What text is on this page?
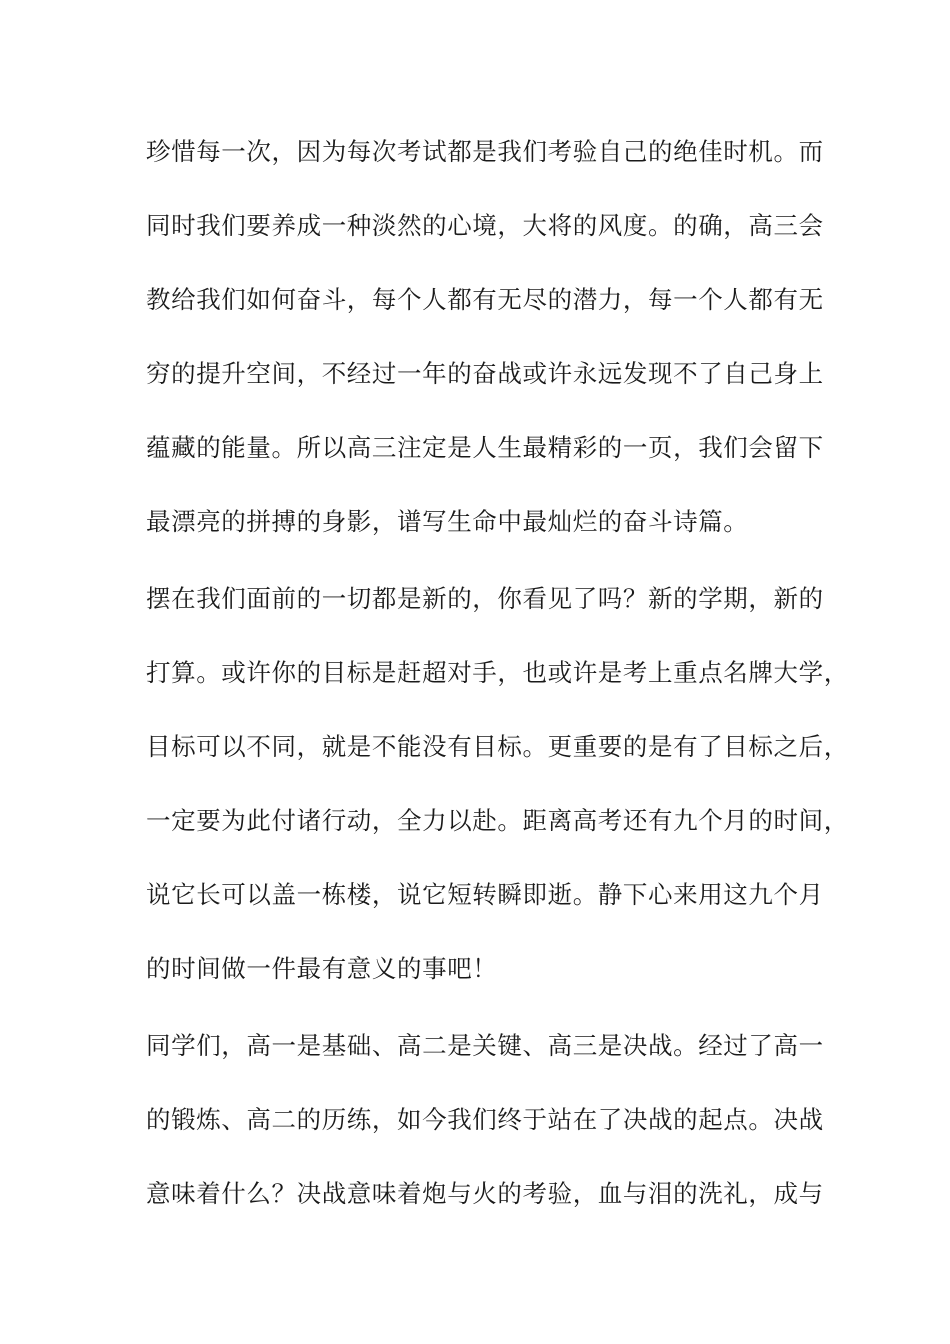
珍惜每一次，因为每次考试都是我们考验自己的绝佳时机。而
同时我们要养成一种淡然的心境，大将的风度。的确，高三会
教给我们如何奋斗，每个人都有无尽的潜力，每一个人都有无
穷的提升空间，不经过一年的奋战或许永远发现不了自己身上
蕴藏的能量。所以高三注定是人生最精彩的一页，我们会留下
最漂亮的拼搏的身影，谱写生命中最灿烂的奋斗诗篇。
摆在我们面前的一切都是新的，你看见了吗？新的学期，新的
打算。或许你的目标是赶超对手，也或许是考上重点名牌大学，
目标可以不同，就是不能没有目标。更重要的是有了目标之后，
一定要为此付诸行动，全力以赴。距离高考还有九个月的时间，
说它长可以盖一栋楼，说它短转瞬即逝。静下心来用这九个月
的时间做一件最有意义的事吧！
同学们，高一是基础、高二是关键、高三是决战。经过了高一
的锻炼、高二的历练，如今我们终于站在了决战的起点。决战
意味着什么？决战意味着炮与火的考验，血与泪的洗礼，成与
